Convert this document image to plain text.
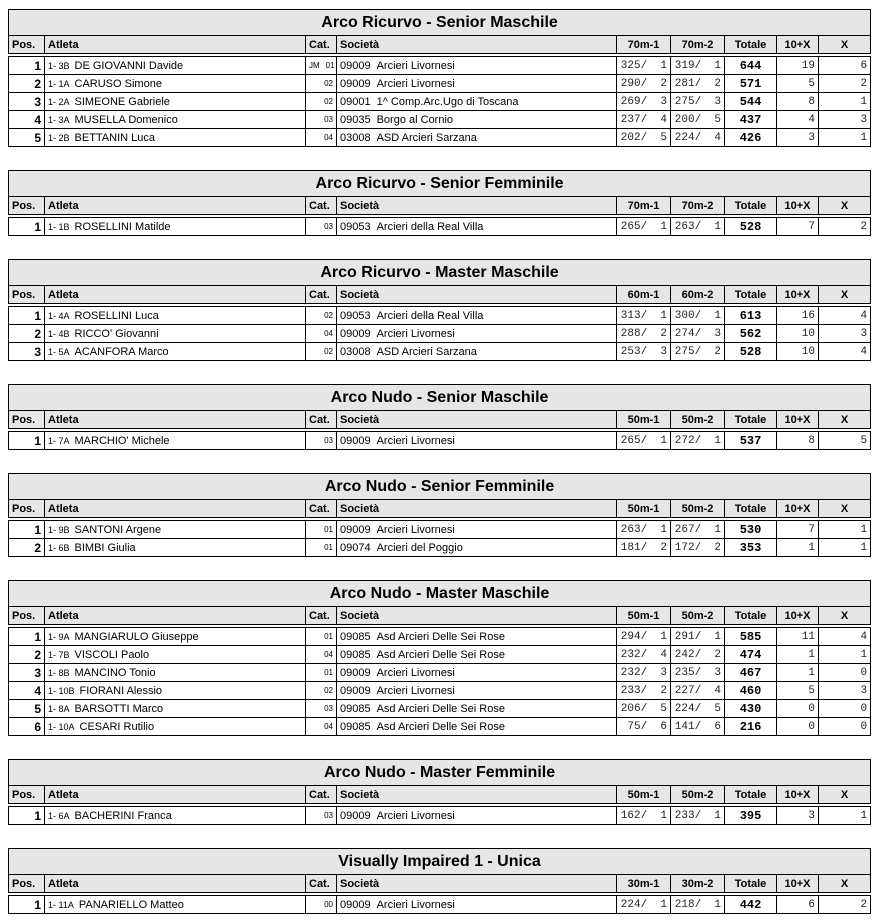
Arco Ricurvo - Senior Maschile								
Pos.	Atleta	Cat.	Società	70m-1	70m-2	Totale	10+X	X

1	1- 3B DE GIOVANNI Davide	JM 01	09009 Arcieri Livornesi	325/  1	319/  1	644	19	6
2	1- 1A CARUSO Simone	02	09009 Arcieri Livornesi	290/  2	281/  2	571	5	2
3	1- 2A SIMEONE Gabriele	02	09001 1^ Comp.Arc.Ugo di Toscana	269/  3	275/  3	544	8	1
4	1- 3A MUSELLA Domenico	03	09035 Borgo al Cornio	237/  4	200/  5	437	4	3
5	1- 2B BETTANIN Luca	04	03008 ASD Arcieri Sarzana	202/  5	224/  4	426	3	1
Arco Ricurvo - Senior Femminile								
Pos.	Atleta	Cat.	Società	70m-1	70m-2	Totale	10+X	X

1	1- 1B ROSELLINI Matilde	03	09053 Arcieri della Real Villa	265/  1	263/  1	528	7	2
Arco Ricurvo - Master Maschile								
Pos.	Atleta	Cat.	Società	60m-1	60m-2	Totale	10+X	X

1	1- 4A ROSELLINI Luca	02	09053 Arcieri della Real Villa	313/  1	300/  1	613	16	4
2	1- 4B RICCO' Giovanni	04	09009 Arcieri Livornesi	288/  2	274/  3	562	10	3
3	1- 5A ACANFORA Marco	02	03008 ASD Arcieri Sarzana	253/  3	275/  2	528	10	4
Arco Nudo - Senior Maschile								
Pos.	Atleta	Cat.	Società	50m-1	50m-2	Totale	10+X	X

1	1- 7A MARCHIO' Michele	03	09009 Arcieri Livornesi	265/  1	272/  1	537	8	5
Arco Nudo - Senior Femminile								
Pos.	Atleta	Cat.	Società	50m-1	50m-2	Totale	10+X	X

1	1- 9B SANTONI Argene	01	09009 Arcieri Livornesi	263/  1	267/  1	530	7	1
2	1- 6B BIMBI Giulia	01	09074 Arcieri del Poggio	181/  2	172/  2	353	1	1
Arco Nudo - Master Maschile								
Pos.	Atleta	Cat.	Società	50m-1	50m-2	Totale	10+X	X

1	1- 9A MANGIARULO Giuseppe	01	09085 Asd Arcieri Delle Sei Rose	294/  1	291/  1	585	11	4
2	1- 7B VISCOLI Paolo	04	09085 Asd Arcieri Delle Sei Rose	232/  4	242/  2	474	1	1
3	1- 8B MANCINO Tonio	01	09009 Arcieri Livornesi	232/  3	235/  3	467	1	0
4	1- 10B FIORANI Alessio	02	09009 Arcieri Livornesi	233/  2	227/  4	460	5	3
5	1- 8A BARSOTTI Marco	03	09085 Asd Arcieri Delle Sei Rose	206/  5	224/  5	430	0	0
6	1- 10A CESARI Rutilio	04	09085 Asd Arcieri Delle Sei Rose	75/  6	141/  6	216	0	0
Arco Nudo - Master Femminile								
Pos.	Atleta	Cat.	Società	50m-1	50m-2	Totale	10+X	X

1	1- 6A BACHERINI Franca	03	09009 Arcieri Livornesi	162/  1	233/  1	395	3	1
Visually Impaired 1 - Unica								
Pos.	Atleta	Cat.	Società	30m-1	30m-2	Totale	10+X	X

1	1- 11A PANARIELLO Matteo	00	09009 Arcieri Livornesi	224/  1	218/  1	442	6	2
